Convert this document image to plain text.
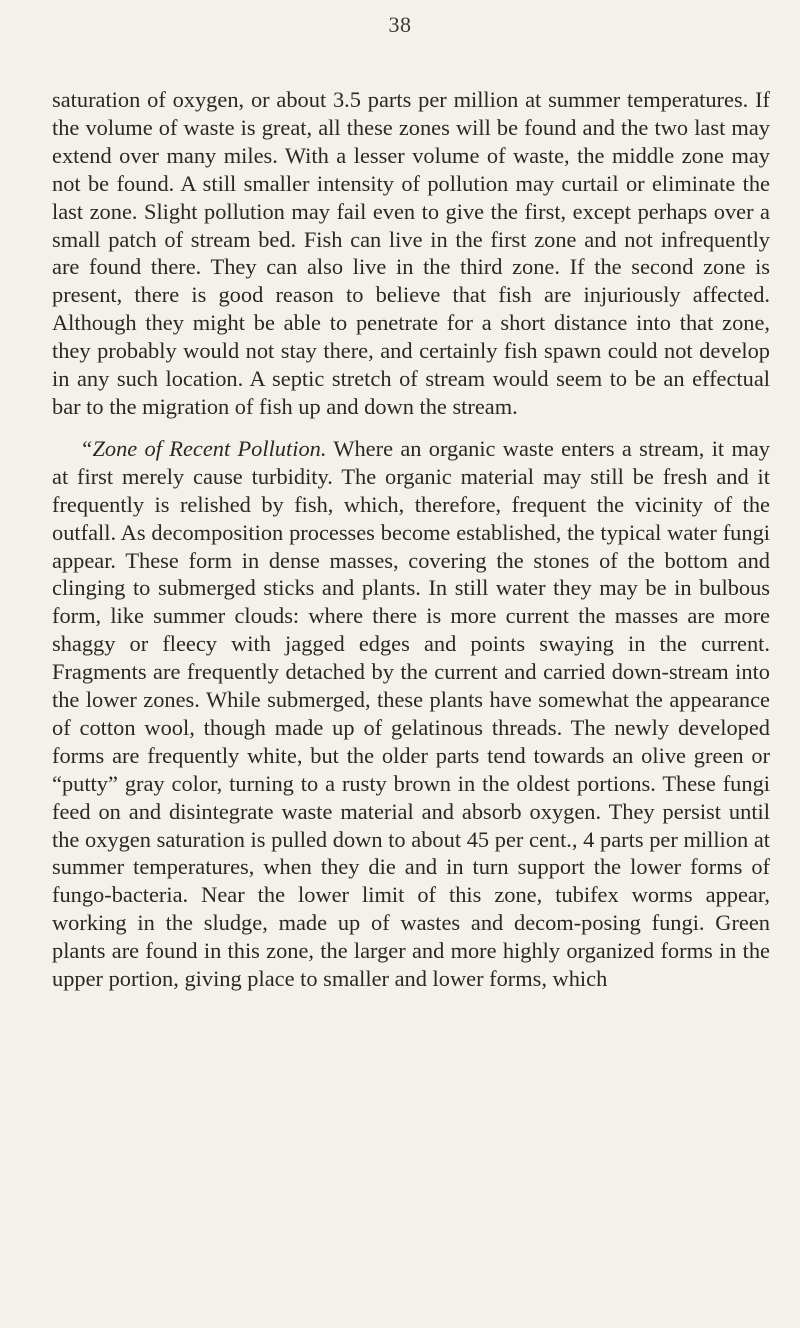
38

saturation of oxygen, or about 3.5 parts per million at summer temperatures. If the volume of waste is great, all these zones will be found and the two last may extend over many miles. With a lesser volume of waste, the middle zone may not be found. A still smaller intensity of pollution may curtail or eliminate the last zone. Slight pollution may fail even to give the first, except perhaps over a small patch of stream bed. Fish can live in the first zone and not infrequently are found there. They can also live in the third zone. If the second zone is present, there is good reason to believe that fish are injuriously affected. Although they might be able to penetrate for a short distance into that zone, they probably would not stay there, and certainly fish spawn could not develop in any such location. A septic stretch of stream would seem to be an effectual bar to the migration of fish up and down the stream.

“Zone of Recent Pollution. Where an organic waste enters a stream, it may at first merely cause turbidity. The organic material may still be fresh and it frequently is relished by fish, which, therefore, frequent the vicinity of the outfall. As decomposition processes become established, the typical water fungi appear. These form in dense masses, covering the stones of the bottom and clinging to submerged sticks and plants. In still water they may be in bulbous form, like summer clouds: where there is more current the masses are more shaggy or fleecy with jagged edges and points swaying in the current. Fragments are frequently detached by the current and carried down-stream into the lower zones. While submerged, these plants have somewhat the appearance of cotton wool, though made up of gelatinous threads. The newly developed forms are frequently white, but the older parts tend towards an olive green or “putty” gray color, turning to a rusty brown in the oldest portions. These fungi feed on and disintegrate waste material and absorb oxygen. They persist until the oxygen saturation is pulled down to about 45 per cent., 4 parts per million at summer temperatures, when they die and in turn support the lower forms of fungo-bacteria. Near the lower limit of this zone, tubifex worms appear, working in the sludge, made up of wastes and decom-posing fungi. Green plants are found in this zone, the larger and more highly organized forms in the upper portion, giving place to smaller and lower forms, which
